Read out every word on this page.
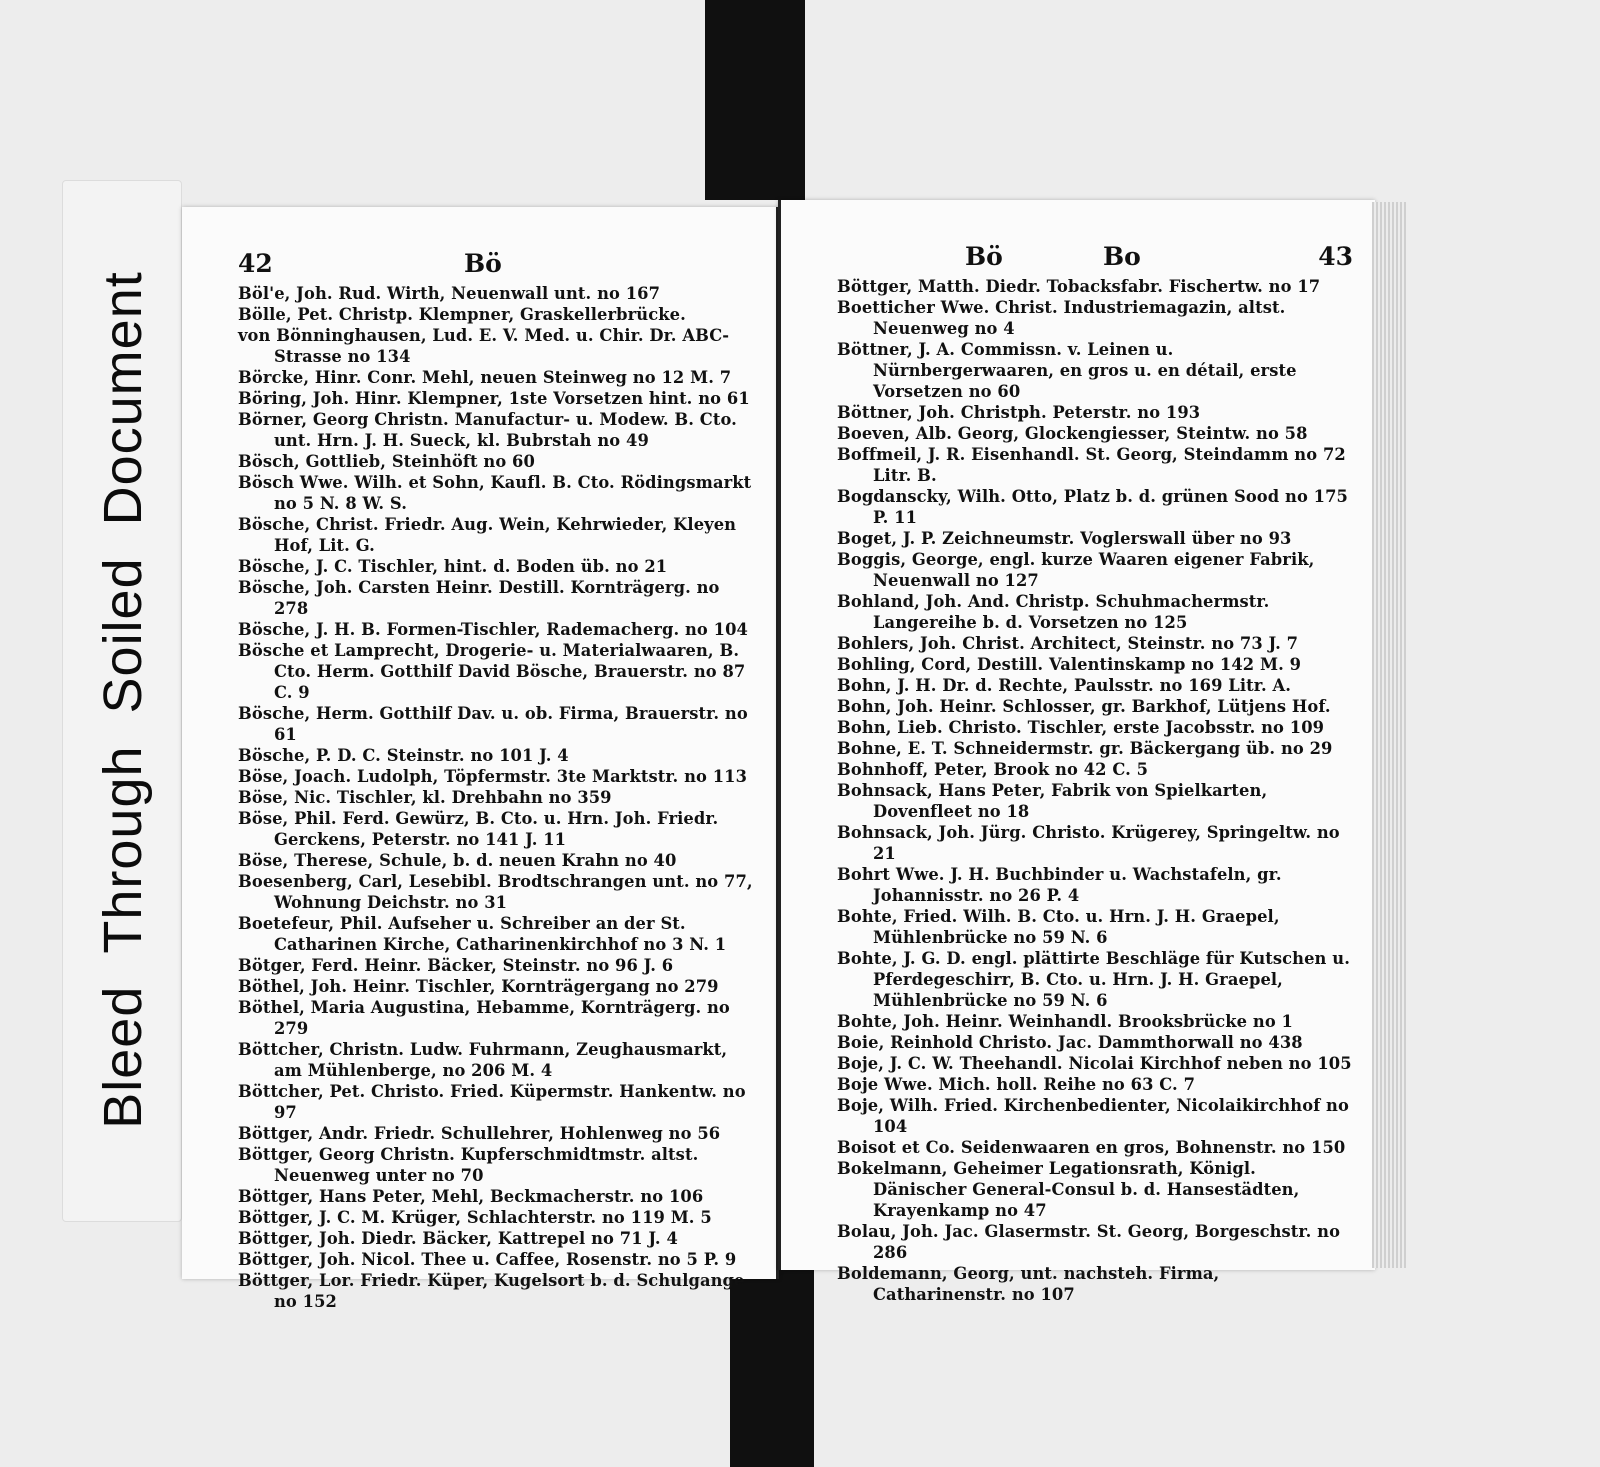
BleedThroughSoiledDocument
42	Bö
Böl'e, Joh. Rud. Wirth, Neuenwall unt. no 167
Bölle, Pet. Christp. Klempner, Graskellerbrücke.
von Bönninghausen, Lud. E. V. Med. u. Chir. Dr. ABC-Strasse no 134
Börcke, Hinr. Conr. Mehl, neuen Steinweg no 12 M. 7
Böring, Joh. Hinr. Klempner, 1ste Vorsetzen hint. no 61
Börner, Georg Christn. Manufactur- u. Modew. B. Cto. unt. Hrn. J. H. Sueck, kl. Bubrstah no 49
Bösch, Gottlieb, Steinhöft no 60
Bösch Wwe. Wilh. et Sohn, Kaufl. B. Cto. Rödingsmarkt no 5 N. 8 W. S.
Bösche, Christ. Friedr. Aug. Wein, Kehrwieder, Kleyen Hof, Lit. G.
Bösche, J. C. Tischler, hint. d. Boden üb. no 21
Bösche, Joh. Carsten Heinr. Destill. Kornträgerg. no 278
Bösche, J. H. B. Formen-Tischler, Rademacherg. no 104
Bösche et Lamprecht, Drogerie- u. Materialwaaren, B. Cto. Herm. Gotthilf David Bösche, Brauerstr. no 87 C. 9
Bösche, Herm. Gotthilf Dav. u. ob. Firma, Brauerstr. no 61
Bösche, P. D. C. Steinstr. no 101 J. 4
Böse, Joach. Ludolph, Töpfermstr. 3te Marktstr. no 113
Böse, Nic. Tischler, kl. Drehbahn no 359
Böse, Phil. Ferd. Gewürz, B. Cto. u. Hrn. Joh. Friedr. Gerckens, Peterstr. no 141 J. 11
Böse, Therese, Schule, b. d. neuen Krahn no 40
Boesenberg, Carl, Lesebibl. Brodtschrangen unt. no 77, Wohnung Deichstr. no 31
Boetefeur, Phil. Aufseher u. Schreiber an der St. Catharinen Kirche, Catharinenkirchhof no 3 N. 1
Bötger, Ferd. Heinr. Bäcker, Steinstr. no 96 J. 6
Böthel, Joh. Heinr. Tischler, Kornträgergang no 279
Böthel, Maria Augustina, Hebamme, Kornträgerg. no 279
Böttcher, Christn. Ludw. Fuhrmann, Zeughausmarkt, am Mühlenberge, no 206 M. 4
Böttcher, Pet. Christo. Fried. Küpermstr. Hankentw. no 97
Böttger, Andr. Friedr. Schullehrer, Hohlenweg no 56
Böttger, Georg Christn. Kupferschmidtmstr. altst. Neuenweg unter no 70
Böttger, Hans Peter, Mehl, Beckmacherstr. no 106
Böttger, J. C. M. Krüger, Schlachterstr. no 119 M. 5
Böttger, Joh. Diedr. Bäcker, Kattrepel no 71 J. 4
Böttger, Joh. Nicol. Thee u. Caffee, Rosenstr. no 5 P. 9
Böttger, Lor. Friedr. Küper, Kugelsort b. d. Schulgange no 152
Bö	Bo	43
Böttger, Matth. Diedr. Tobacksfabr. Fischertw. no 17
Boetticher Wwe. Christ. Industriemagazin, altst. Neuenweg no 4
Böttner, J. A. Commissn. v. Leinen u. Nürnbergerwaaren, en gros u. en détail, erste Vorsetzen no 60
Böttner, Joh. Christph. Peterstr. no 193
Boeven, Alb. Georg, Glockengiesser, Steintw. no 58
Boffmeil, J. R. Eisenhandl. St. Georg, Steindamm no 72 Litr. B.
Bogdanscky, Wilh. Otto, Platz b. d. grünen Sood no 175 P. 11
Boget, J. P. Zeichneumstr. Voglerswall über no 93
Boggis, George, engl. kurze Waaren eigener Fabrik, Neuenwall no 127
Bohland, Joh. And. Christp. Schuhmachermstr. Langereihe b. d. Vorsetzen no 125
Bohlers, Joh. Christ. Architect, Steinstr. no 73 J. 7
Bohling, Cord, Destill. Valentinskamp no 142 M. 9
Bohn, J. H. Dr. d. Rechte, Paulsstr. no 169 Litr. A.
Bohn, Joh. Heinr. Schlosser, gr. Barkhof, Lütjens Hof.
Bohn, Lieb. Christo. Tischler, erste Jacobsstr. no 109
Bohne, E. T. Schneidermstr. gr. Bäckergang üb. no 29
Bohnhoff, Peter, Brook no 42 C. 5
Bohnsack, Hans Peter, Fabrik von Spielkarten, Dovenfleet no 18
Bohnsack, Joh. Jürg. Christo. Krügerey, Springeltw. no 21
Bohrt Wwe. J. H. Buchbinder u. Wachstafeln, gr. Johannisstr. no 26 P. 4
Bohte, Fried. Wilh. B. Cto. u. Hrn. J. H. Graepel, Mühlenbrücke no 59 N. 6
Bohte, J. G. D. engl. plättirte Beschläge für Kutschen u. Pferdegeschirr, B. Cto. u. Hrn. J. H. Graepel, Mühlenbrücke no 59 N. 6
Bohte, Joh. Heinr. Weinhandl. Brooksbrücke no 1
Boie, Reinhold Christo. Jac. Dammthorwall no 438
Boje, J. C. W. Theehandl. Nicolai Kirchhof neben no 105
Boje Wwe. Mich. holl. Reihe no 63 C. 7
Boje, Wilh. Fried. Kirchenbedienter, Nicolaikirchhof no 104
Boisot et Co. Seidenwaaren en gros, Bohnenstr. no 150
Bokelmann, Geheimer Legationsrath, Königl. Dänischer General-Consul b. d. Hansestädten, Krayenkamp no 47
Bolau, Joh. Jac. Glasermstr. St. Georg, Borgeschstr. no 286
Boldemann, Georg, unt. nachsteh. Firma, Catharinenstr. no 107
